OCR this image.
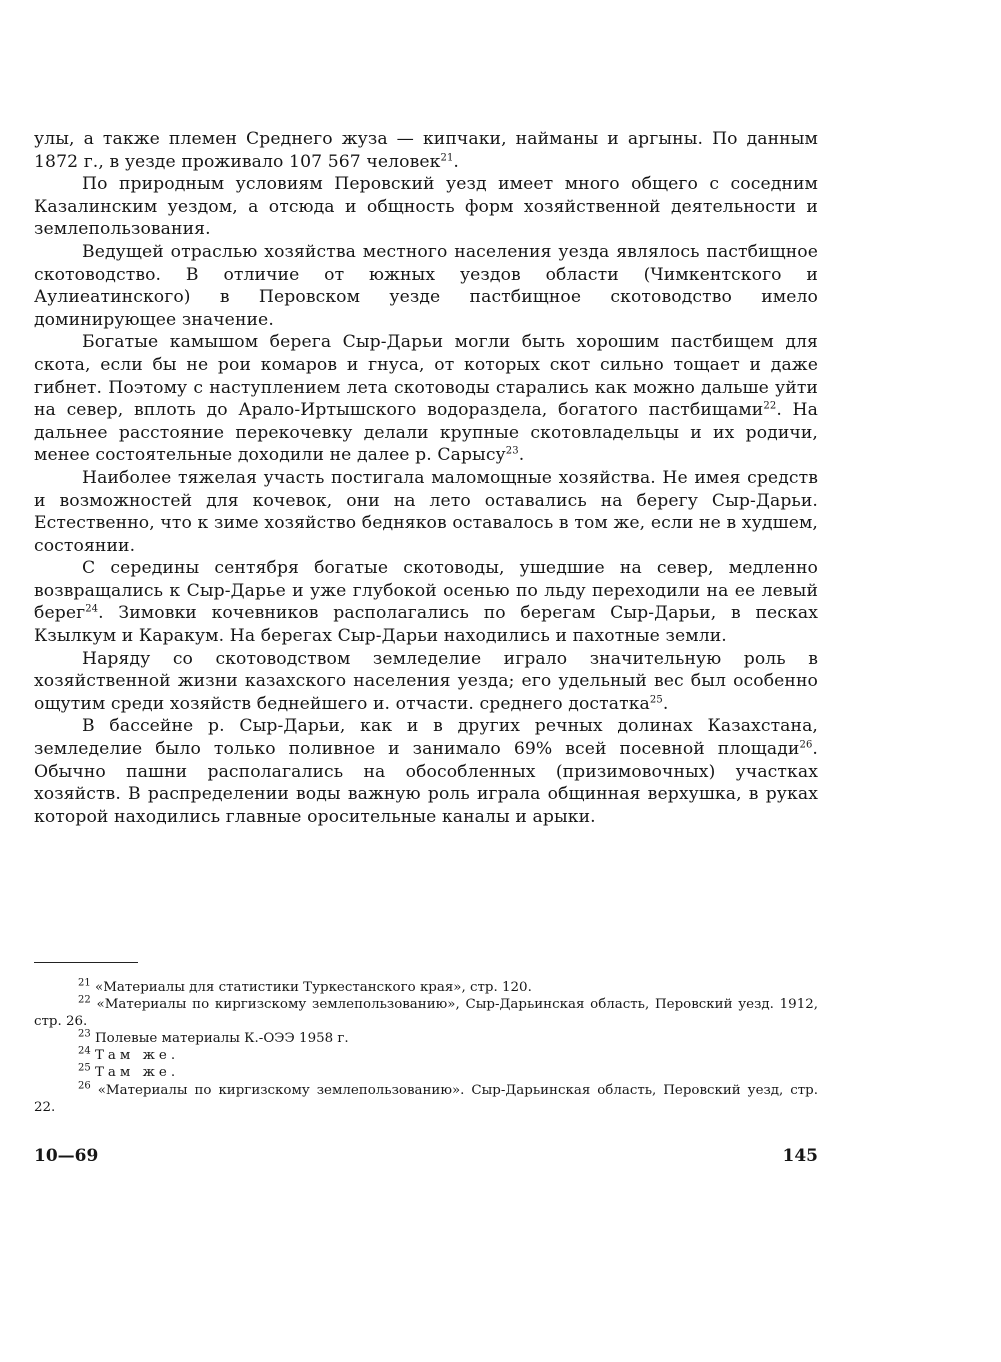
улы, а также племен Среднего жуза — кипчаки, найманы и аргыны. По данным 1872 г., в уезде проживало 107 567 человек$^{21}$.

По природным условиям Перовский уезд имеет много общего с соседним Казалинским уездом, а отсюда и общность форм хозяйственной деятельности и землепользования.

Ведущей отраслью хозяйства местного населения уезда являлось пастбищное скотоводство. В отличие от южных уездов области (Чимкентского и Аулиеатинского) в Перовском уезде пастбищное скотоводство имело доминирующее значение.

Богатые камышом берега Сыр-Дарьи могли быть хорошим пастбищем для скота, если бы не рои комаров и гнуса, от которых скот сильно тощает и даже гибнет. Поэтому с наступлением лета скотоводы старались как можно дальше уйти на север, вплоть до Арало-Иртышского водораздела, богатого пастбищами$^{22}$. На дальнее расстояние перекочевку делали крупные скотовладельцы и их родичи, менее состоятельные доходили не далее р. Сарысу$^{23}$.

Наиболее тяжелая участь постигала маломощные хозяйства. Не имея средств и возможностей для кочевок, они на лето оставались на берегу Сыр-Дарьи. Естественно, что к зиме хозяйство бедняков оставалось в том же, если не в худшем, состоянии.

С середины сентября богатые скотоводы, ушедшие на север, медленно возвращались к Сыр-Дарье и уже глубокой осенью по льду переходили на ее левый берег$^{24}$. Зимовки кочевников располагались по берегам Сыр-Дарьи, в песках Кзылкум и Каракум. На берегах Сыр-Дарьи находились и пахотные земли.

Наряду со скотоводством земледелие играло значительную роль в хозяйственной жизни казахского населения уезда; его удельный вес был особенно ощутим среди хозяйств беднейшего и. отчасти. среднего достатка$^{25}$.

В бассейне р. Сыр-Дарьи, как и в других речных долинах Казахстана, земледелие было только поливное и занимало 69% всей посевной площади$^{26}$. Обычно пашни располагались на обособленных (призимовочных) участках хозяйств. В распределении воды важную роль играла общинная верхушка, в руках которой находились главные оросительные каналы и арыки.

$^{21}$ «Материалы для статистики Туркестанского края», стр. 120.

$^{22}$ «Материалы по киргизскому землепользованию», Сыр-Дарьинская область, Перовский уезд. 1912, стр. 26.

$^{23}$ Полевые материалы К.-ОЭЭ 1958 г.

$^{24}$ Там же.

$^{25}$ Там же.

$^{26}$ «Материалы по киргизскому землепользованию». Сыр-Дарьинская область, Перовский уезд, стр. 22.

10—69	145
